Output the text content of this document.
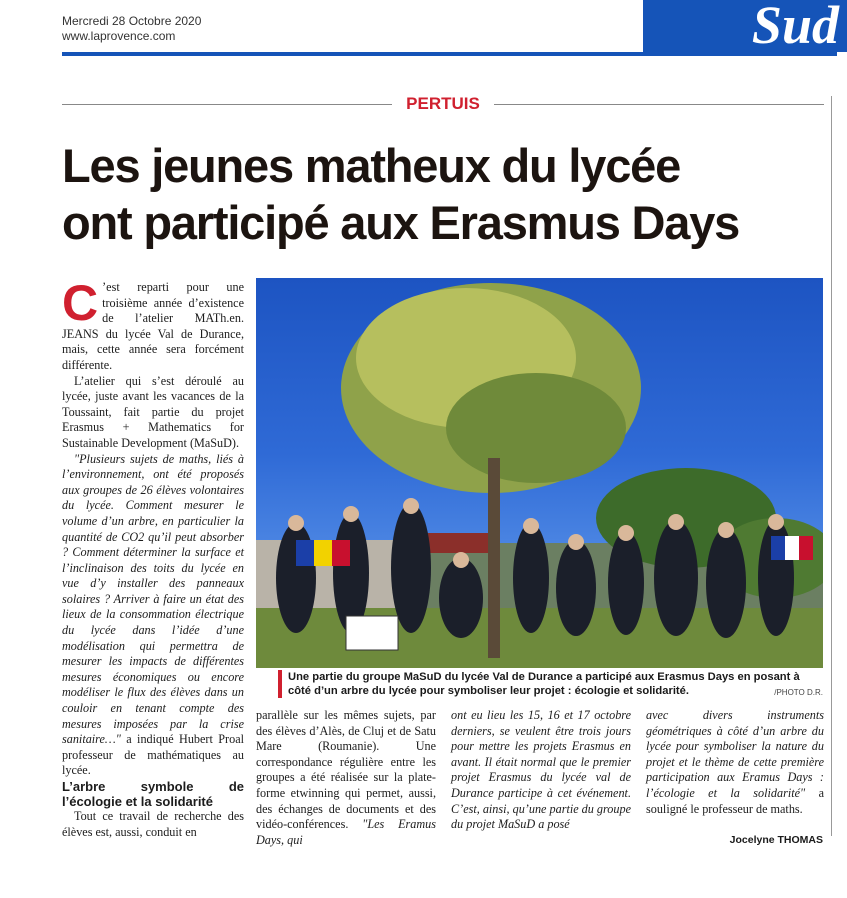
Mercredi 28 Octobre 2020
www.laprovence.com	Sud
PERTUIS
Les jeunes matheux du lycée
ont participé aux Erasmus Days

C ’est reparti pour une troisième année d’existence de l’atelier MATh.en. JEANS du lycée Val de Durance, mais, cette année sera forcément différente.

L’atelier qui s’est déroulé au lycée, juste avant les vacances de la Toussaint, fait partie du projet Erasmus + Mathematics for Sustainable Development (MaSuD).

"Plusieurs sujets de maths, liés à l’environnement, ont été proposés aux groupes de 26 élèves volontaires du lycée. Comment mesurer le volume d’un arbre, en particulier la quantité de CO2 qu’il peut absorber ? Comment déterminer la surface et l’inclinaison des toits du lycée en vue d’y installer des panneaux solaires ? Arriver à faire un état des lieux de la consommation électrique du lycée dans l’idée d’une modélisation qui permettra de mesurer les impacts de différentes mesures économiques ou encore modéliser le flux des élèves dans un couloir en tenant compte des mesures imposées par la crise sanitaire…" a indiqué Hubert Proal professeur de mathématiques au lycée.

L’arbre symbole de l’écologie et la solidarité

Tout ce travail de recherche des élèves est, aussi, conduit en

Une partie du groupe MaSuD du lycée Val de Durance a participé aux Erasmus Days en posant à côté d’un arbre du lycée pour symboliser leur projet : écologie et solidarité.	/PHOTO D.R.

parallèle sur les mêmes sujets, par des élèves d’Alès, de Cluj et de Satu Mare (Roumanie). Une correspondance régulière entre les groupes a été réalisée sur la plate-forme etwinning qui permet, aussi, des échanges de documents et des vidéo-conférences. "Les Eramus Days, qui

ont eu lieu les 15, 16 et 17 octobre derniers, se veulent être trois jours pour mettre les projets Erasmus en avant. Il était normal que le premier projet Erasmus du lycée val de Durance participe à cet événement. C’est, ainsi, qu’une partie du groupe du projet MaSuD a posé

avec divers instruments géométriques à côté d’un arbre du lycée pour symboliser la nature du projet et le thème de cette première participation aux Eramus Days : l’écologie et la solidarité" a souligné le professeur de maths.

Jocelyne THOMAS
